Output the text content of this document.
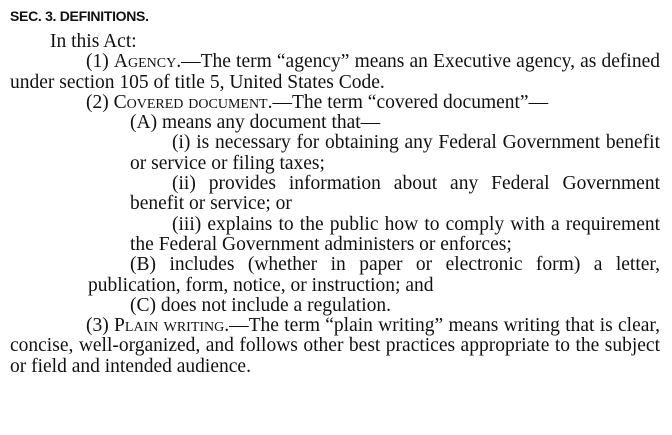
SEC. 3. DEFINITIONS.

In this Act:

(1) Agency.—The term “agency” means an Executive agency, as defined under section 105 of title 5, United States Code.

(2) Covered document.—The term “covered document”—

(A) means any document that—

(i) is necessary for obtaining any Federal Government benefit or service or filing taxes;

(ii) provides information about any Federal Government benefit or service; or

(iii) explains to the public how to comply with a requirement the Federal Government administers or enforces;

(B) includes (whether in paper or electronic form) a letter, publication, form, notice, or instruction; and

(C) does not include a regulation.

(3) Plain writing.—The term “plain writing” means writing that is clear, concise, well-organized, and follows other best practices appropriate to the subject or field and intended audience.
